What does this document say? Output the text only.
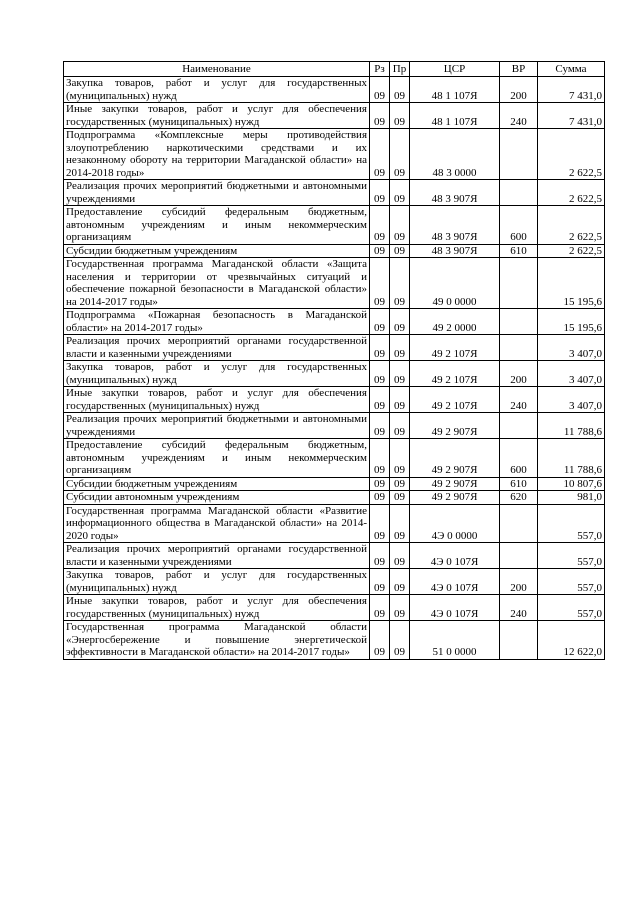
Наименование	Рз	Пр	ЦСР	ВР	Сумма
Закупка товаров, работ и услуг для государственных (муниципальных) нужд	09	09	48 1 107Я	200	7 431,0
Иные закупки товаров, работ и услуг для обеспечения государственных (муниципальных) нужд	09	09	48 1 107Я	240	7 431,0
Подпрограмма «Комплексные меры противодействия злоупотреблению наркотическими средствами и их незаконному обороту на территории Магаданской области» на 2014-2018 годы»	09	09	48 3 0000		2 622,5
Реализация прочих мероприятий бюджетными и автономными учреждениями	09	09	48 3 907Я		2 622,5
Предоставление субсидий федеральным бюджетным, автономным учреждениям и иным некоммерческим организациям	09	09	48 3 907Я	600	2 622,5
Субсидии бюджетным учреждениям	09	09	48 3 907Я	610	2 622,5
Государственная программа Магаданской области «Защита населения и территории от чрезвычайных ситуаций и обеспечение пожарной безопасности в Магаданской области» на 2014-2017 годы»	09	09	49 0 0000		15 195,6
Подпрограмма «Пожарная безопасность в Магаданской области» на 2014-2017 годы»	09	09	49 2 0000		15 195,6
Реализация прочих мероприятий органами государственной власти и казенными учреждениями	09	09	49 2 107Я		3 407,0
Закупка товаров, работ и услуг для государственных (муниципальных) нужд	09	09	49 2 107Я	200	3 407,0
Иные закупки товаров, работ и услуг для обеспечения государственных (муниципальных) нужд	09	09	49 2 107Я	240	3 407,0
Реализация прочих мероприятий бюджетными и автономными учреждениями	09	09	49 2 907Я		11 788,6
Предоставление субсидий федеральным бюджетным, автономным учреждениям и иным некоммерческим организациям	09	09	49 2 907Я	600	11 788,6
Субсидии бюджетным учреждениям	09	09	49 2 907Я	610	10 807,6
Субсидии автономным учреждениям	09	09	49 2 907Я	620	981,0
Государственная программа Магаданской области «Развитие информационного общества в Магаданской области» на 2014-2020 годы»	09	09	4Э 0 0000		557,0
Реализация прочих мероприятий органами государственной власти и казенными учреждениями	09	09	4Э 0 107Я		557,0
Закупка товаров, работ и услуг для государственных (муниципальных) нужд	09	09	4Э 0 107Я	200	557,0
Иные закупки товаров, работ и услуг для обеспечения государственных (муниципальных) нужд	09	09	4Э 0 107Я	240	557,0
Государственная программа Магаданской области «Энергосбережение и повышение энергетической эффективности в Магаданской области» на 2014-2017 годы»	09	09	51 0 0000		12 622,0
